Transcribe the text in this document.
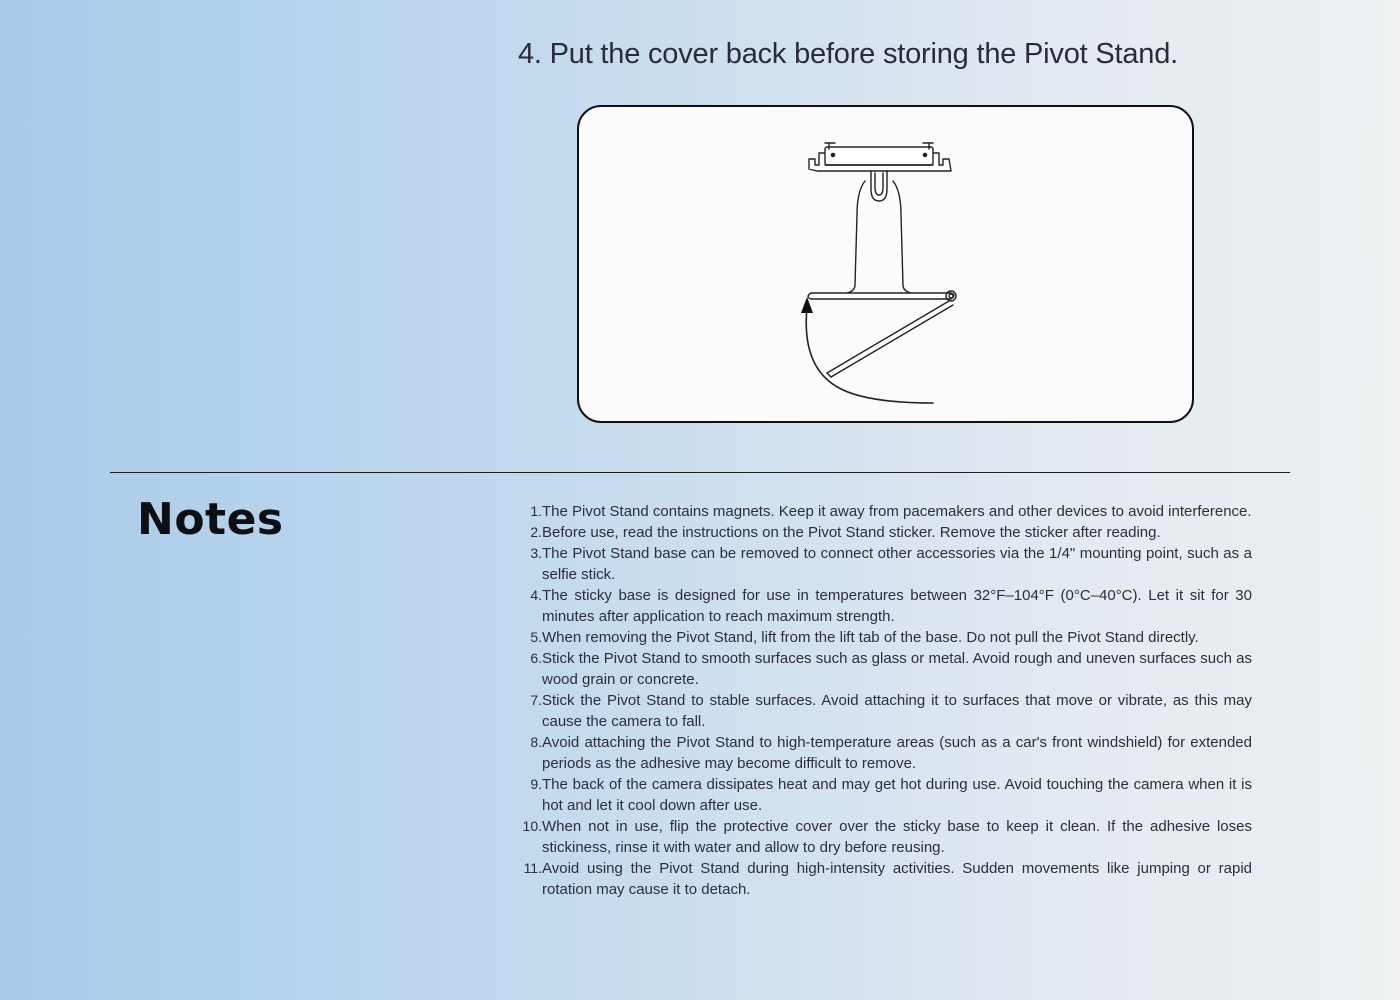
4. Put the cover back before storing the Pivot Stand.
Notes	1. The Pivot Stand contains magnets. Keep it away from pacemakers and other devices to avoid interference.
2. Before use, read the instructions on the Pivot Stand sticker. Remove the sticker after reading.
3. The Pivot Stand base can be removed to connect other accessories via the 1/4" mounting point, such as a selfie stick.
4. The sticky base is designed for use in temperatures between 32°F–104°F (0°C–40°C). Let it sit for 30 minutes after application to reach maximum strength.
5. When removing the Pivot Stand, lift from the lift tab of the base. Do not pull the Pivot Stand directly.
6. Stick the Pivot Stand to smooth surfaces such as glass or metal. Avoid rough and uneven surfaces such as wood grain or concrete.
7. Stick the Pivot Stand to stable surfaces. Avoid attaching it to surfaces that move or vibrate, as this may cause the camera to fall.
8. Avoid attaching the Pivot Stand to high-temperature areas (such as a car's front windshield) for extended periods as the adhesive may become difficult to remove.
9. The back of the camera dissipates heat and may get hot during use. Avoid touching the camera when it is hot and let it cool down after use.
10. When not in use, flip the protective cover over the sticky base to keep it clean. If the adhesive loses stickiness, rinse it with water and allow to dry before reusing.
11. Avoid using the Pivot Stand during high-intensity activities. Sudden movements like jumping or rapid rotation may cause it to detach.
